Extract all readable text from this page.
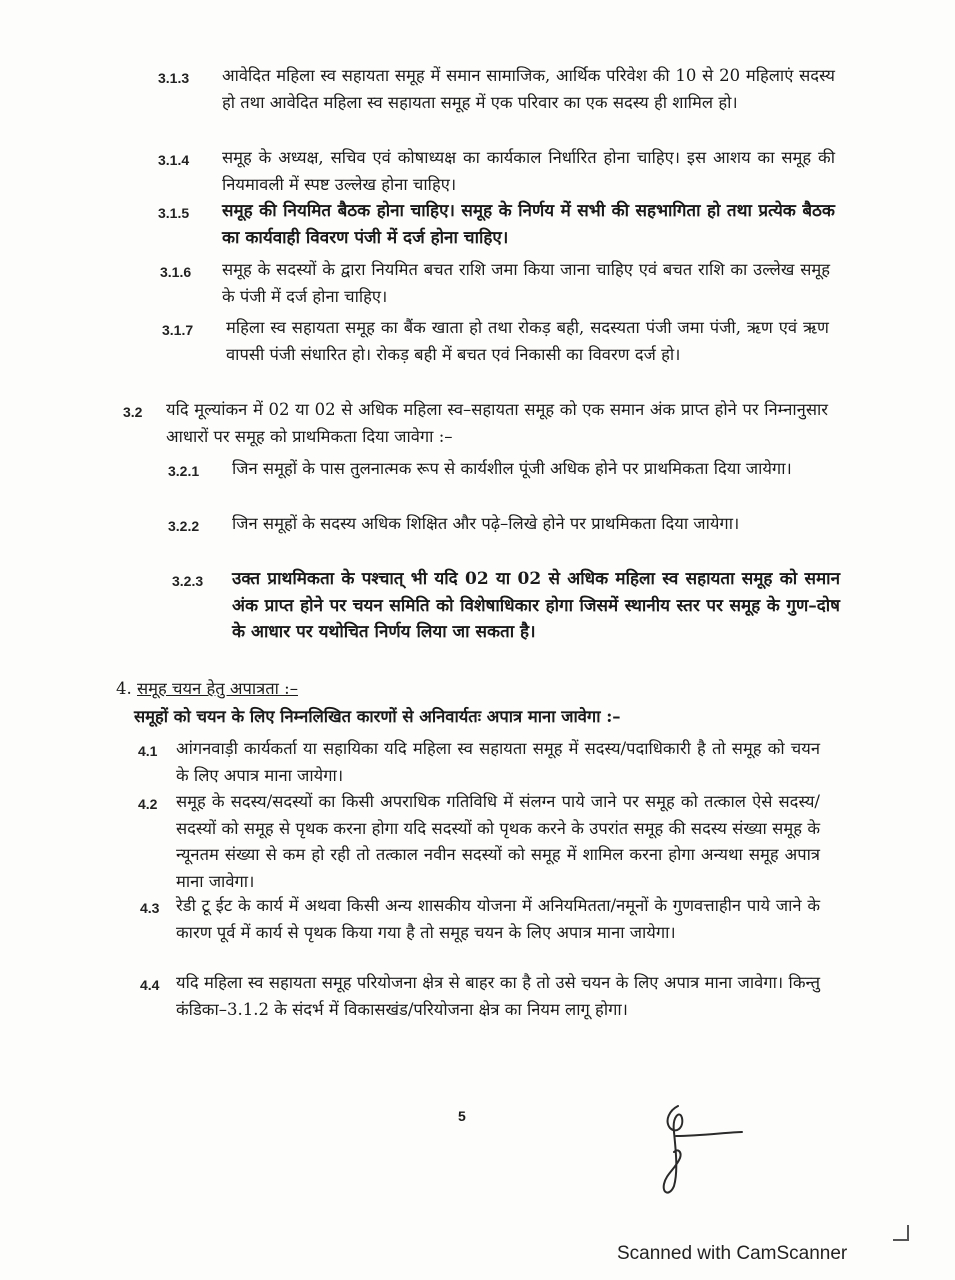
3.1.3 आवेदित महिला स्व सहायता समूह में समान सामाजिक, आर्थिक परिवेश की 10 से 20 महिलाएं सदस्य हो तथा आवेदित महिला स्व सहायता समूह में एक परिवार का एक सदस्य ही शामिल हो।
3.1.4 समूह के अध्यक्ष, सचिव एवं कोषाध्यक्ष का कार्यकाल निर्धारित होना चाहिए। इस आशय का समूह की नियमावली में स्पष्ट उल्लेख होना चाहिए।
3.1.5 समूह की नियमित बैठक होना चाहिए। समूह के निर्णय में सभी की सहभागिता हो तथा प्रत्येक बैठक का कार्यवाही विवरण पंजी में दर्ज होना चाहिए।
3.1.6 समूह के सदस्यों के द्वारा नियमित बचत राशि जमा किया जाना चाहिए एवं बचत राशि का उल्लेख समूह के पंजी में दर्ज होना चाहिए।
3.1.7 महिला स्व सहायता समूह का बैंक खाता हो तथा रोकड़ बही, सदस्यता पंजी जमा पंजी, ऋण एवं ऋण वापसी पंजी संधारित हो। रोकड़ बही में बचत एवं निकासी का विवरण दर्ज हो।
3.2 यदि मूल्यांकन में 02 या 02 से अधिक महिला स्व–सहायता समूह को एक समान अंक प्राप्त होने पर निम्नानुसार आधारों पर समूह को प्राथमिकता दिया जावेगा :–
3.2.1 जिन समूहों के पास तुलनात्मक रूप से कार्यशील पूंजी अधिक होने पर प्राथमिकता दिया जायेगा।
3.2.2 जिन समूहों के सदस्य अधिक शिक्षित और पढ़े–लिखे होने पर प्राथमिकता दिया जायेगा।
3.2.3 उक्त प्राथमिकता के पश्चात् भी यदि 02 या 02 से अधिक महिला स्व सहायता समूह को समान अंक प्राप्त होने पर चयन समिति को विशेषाधिकार होगा जिसमें स्थानीय स्तर पर समूह के गुण–दोष के आधार पर यथोचित निर्णय लिया जा सकता है।
4. समूह चयन हेतु अपात्रता :–
समूहों को चयन के लिए निम्नलिखित कारणों से अनिवार्यतः अपात्र माना जावेगा :–
4.1 आंगनवाड़ी कार्यकर्ता या सहायिका यदि महिला स्व सहायता समूह में सदस्य/पदाधिकारी है तो समूह को चयन के लिए अपात्र माना जायेगा।
4.2 समूह के सदस्य/सदस्यों का किसी अपराधिक गतिविधि में संलग्न पाये जाने पर समूह को तत्काल ऐसे सदस्य/सदस्यों को समूह से पृथक करना होगा यदि सदस्यों को पृथक करने के उपरांत समूह की सदस्य संख्या समूह के न्यूनतम संख्या से कम हो रही तो तत्काल नवीन सदस्यों को समूह में शामिल करना होगा अन्यथा समूह अपात्र माना जावेगा।
4.3 रेडी टू ईट के कार्य में अथवा किसी अन्य शासकीय योजना में अनियमितता/नमूनों के गुणवत्ताहीन पाये जाने के कारण पूर्व में कार्य से पृथक किया गया है तो समूह चयन के लिए अपात्र माना जायेगा।
4.4 यदि महिला स्व सहायता समूह परियोजना क्षेत्र से बाहर का है तो उसे चयन के लिए अपात्र माना जावेगा। किन्तु कंडिका–3.1.2 के संदर्भ में विकासखंड/परियोजना क्षेत्र का नियम लागू होगा।
5
Scanned with CamScanner
